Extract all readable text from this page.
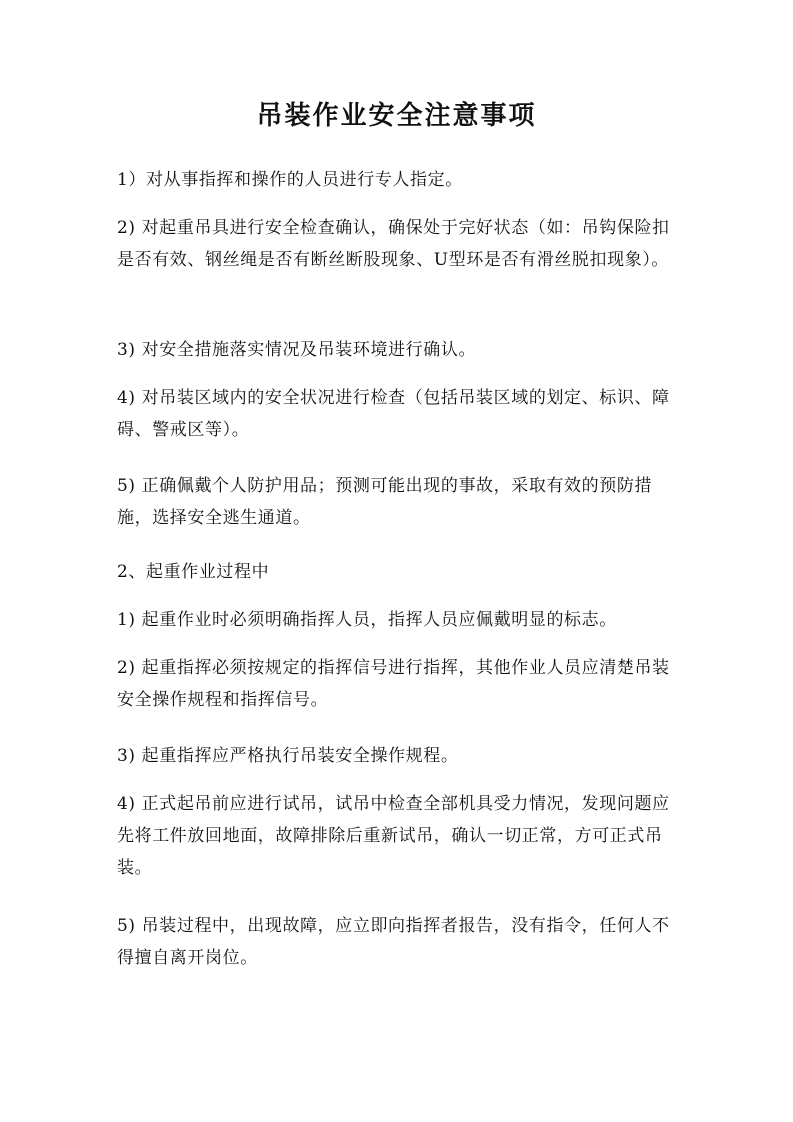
吊装作业安全注意事项

1）对从事指挥和操作的人员进行专人指定。

2) 对起重吊具进行安全检查确认，确保处于完好状态（如：吊钩保险扣是否有效、钢丝绳是否有断丝断股现象、U型环是否有滑丝脱扣现象）。

3) 对安全措施落实情况及吊装环境进行确认。

4) 对吊装区域内的安全状况进行检查（包括吊装区域的划定、标识、障碍、警戒区等）。

5) 正确佩戴个人防护用品；预测可能出现的事故，采取有效的预防措施，选择安全逃生通道。

2、起重作业过程中

1) 起重作业时必须明确指挥人员，指挥人员应佩戴明显的标志。

2) 起重指挥必须按规定的指挥信号进行指挥，其他作业人员应清楚吊装安全操作规程和指挥信号。

3) 起重指挥应严格执行吊装安全操作规程。

4) 正式起吊前应进行试吊，试吊中检查全部机具受力情况，发现问题应先将工件放回地面，故障排除后重新试吊，确认一切正常，方可正式吊装。

5) 吊装过程中，出现故障，应立即向指挥者报告，没有指令，任何人不得擅自离开岗位。
